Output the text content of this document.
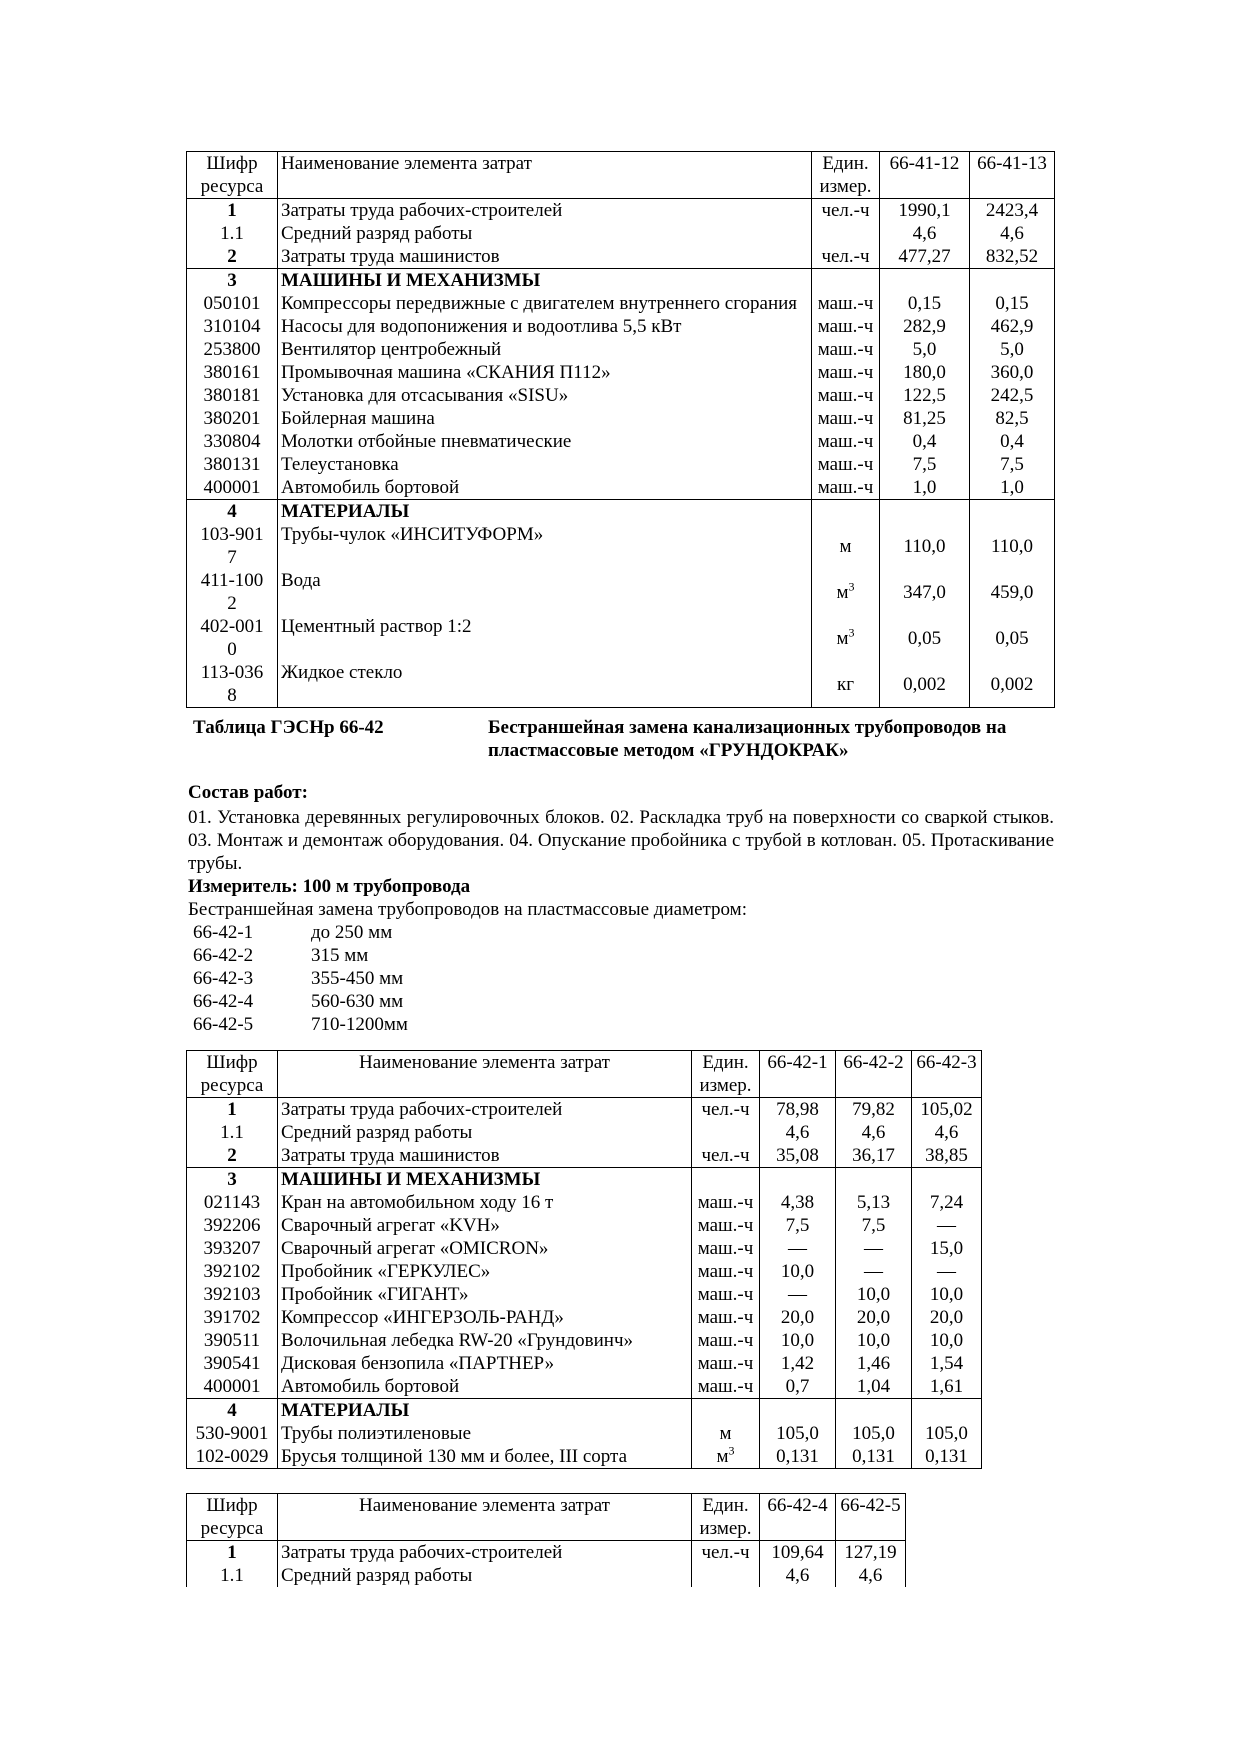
Шифр ресурса	Наименование элемента затрат	Един. измер.	66-41-12	66-41-13
1	Затраты труда рабочих-строителей	чел.-ч	1990,1	2423,4
1.1	Средний разряд работы		4,6	4,6
2	Затраты труда машинистов	чел.-ч	477,27	832,52
3	МАШИНЫ И МЕХАНИЗМЫ			
050101	Компрессоры передвижные с двигателем внутреннего сгорания	маш.-ч	0,15	0,15
310104	Насосы для водопонижения и водоотлива 5,5 кВт	маш.-ч	282,9	462,9
253800	Вентилятор центробежный	маш.-ч	5,0	5,0
380161	Промывочная машина «СКАНИЯ П112»	маш.-ч	180,0	360,0
380181	Установка для отсасывания «SISU»	маш.-ч	122,5	242,5
380201	Бойлерная машина	маш.-ч	81,25	82,5
330804	Молотки отбойные пневматические	маш.-ч	0,4	0,4
380131	Телеустановка	маш.-ч	7,5	7,5
400001	Автомобиль бортовой	маш.-ч	1,0	1,0
4	МАТЕРИАЛЫ			
103-9017	Трубы-чулок «ИНСИТУФОРМ»	м	110,0	110,0
411-1002	Вода	$м^3$	347,0	459,0
402-0010	Цементный раствор 1:2	$м^3$	0,05	0,05
113-0368	Жидкое стекло	кг	0,002	0,002
Таблица ГЭСНр 66-42	Бестраншейная замена канализационных трубопроводов на пластмассовые методом «ГРУНДОКРАК»
Состав работ:
01. Установка деревянных регулировочных блоков. 02. Раскладка труб на поверхности со сваркой стыков. 03. Монтаж и демонтаж оборудования. 04. Опускание пробойника с трубой в котлован. 05. Протаскивание трубы.
Измеритель: 100 м трубопровода
Бестраншейная замена трубопроводов на пластмассовые диаметром:
66-42-1	до 250 мм
66-42-2	315 мм
66-42-3	355-450 мм
66-42-4	560-630 мм
66-42-5	710-1200мм
Шифр ресурса	Наименование элемента затрат	Един. измер.	66-42-1	66-42-2	66-42-3
1	Затраты труда рабочих-строителей	чел.-ч	78,98	79,82	105,02
1.1	Средний разряд работы		4,6	4,6	4,6
2	Затраты труда машинистов	чел.-ч	35,08	36,17	38,85
3	МАШИНЫ И МЕХАНИЗМЫ				
021143	Кран на автомобильном ходу 16 т	маш.-ч	4,38	5,13	7,24
392206	Сварочный агрегат «KVH»	маш.-ч	7,5	7,5	—
393207	Сварочный агрегат «OMICRON»	маш.-ч	—	—	15,0
392102	Пробойник «ГЕРКУЛЕС»	маш.-ч	10,0	—	—
392103	Пробойник «ГИГАНТ»	маш.-ч	—	10,0	10,0
391702	Компрессор «ИНГЕРЗОЛЬ-РАНД»	маш.-ч	20,0	20,0	20,0
390511	Волочильная лебедка RW-20 «Грундовинч»	маш.-ч	10,0	10,0	10,0
390541	Дисковая бензопила «ПАРТНЕР»	маш.-ч	1,42	1,46	1,54
400001	Автомобиль бортовой	маш.-ч	0,7	1,04	1,61
4	МАТЕРИАЛЫ				
530-9001	Трубы полиэтиленовые	м	105,0	105,0	105,0
102-0029	Брусья толщиной 130 мм и более, III сорта	$м^3$	0,131	0,131	0,131
Шифр ресурса	Наименование элемента затрат	Един. измер.	66-42-4	66-42-5
1	Затраты труда рабочих-строителей	чел.-ч	109,64	127,19
1.1	Средний разряд работы		4,6	4,6
